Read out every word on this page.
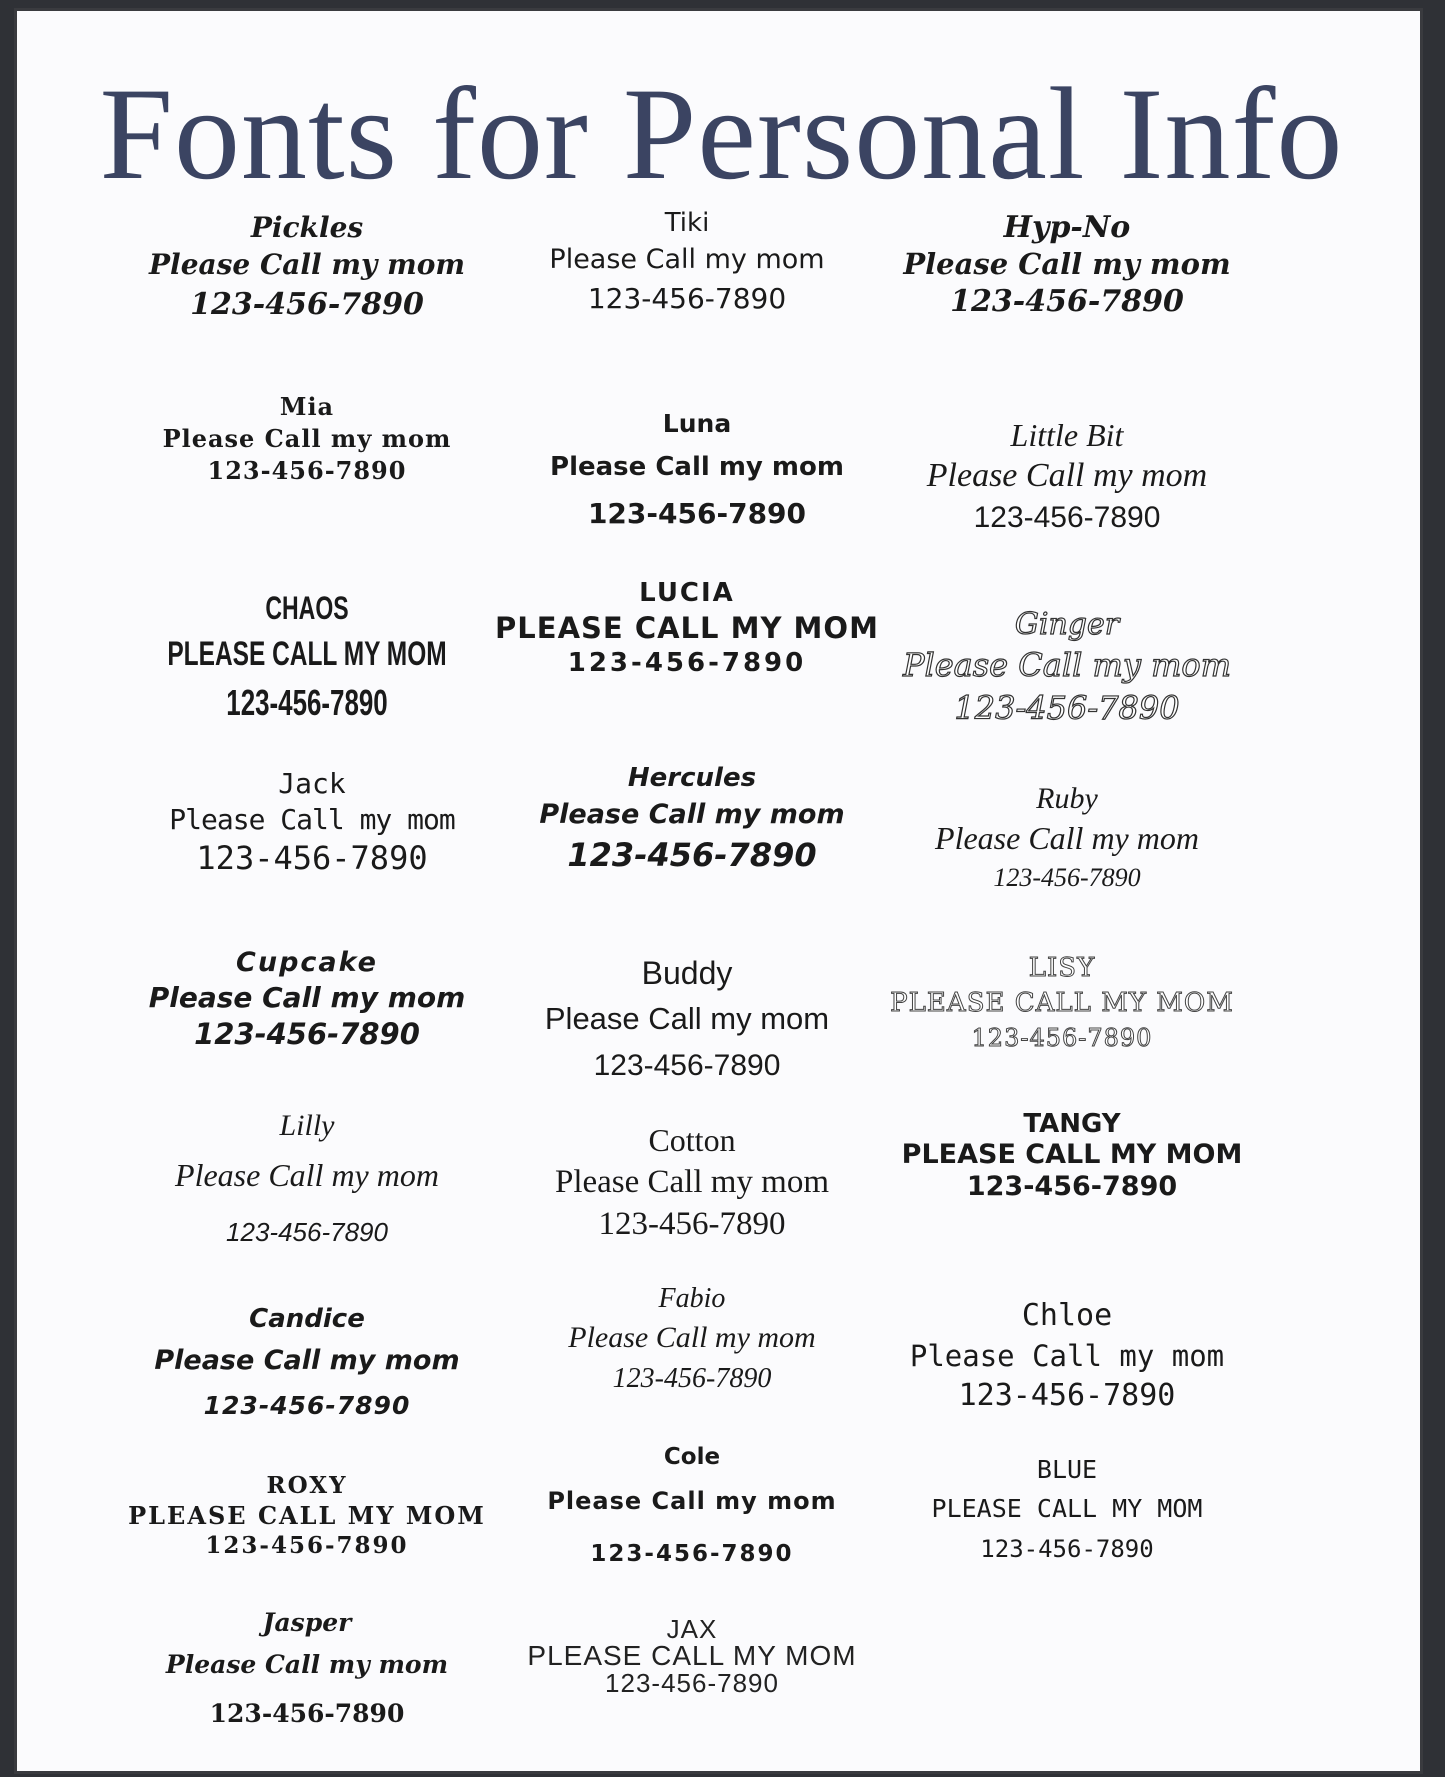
Fonts for Personal Info
Pickles
Please Call my mom
123-456-7890
Tiki
Please Call my mom
123-456-7890
Hyp-No
Please Call my mom
123-456-7890
Mia
Please Call my mom
123-456-7890
Luna
Please Call my mom
123-456-7890
Little Bit
Please Call my mom
123-456-7890
CHAOS
PLEASE CALL MY MOM
123-456-7890
LUCIA
PLEASE CALL MY MOM
123-456-7890
Ginger
Please Call my mom
123-456-7890
Jack
Please Call my mom
123-456-7890
Hercules
Please Call my mom
123-456-7890
Ruby
Please Call my mom
123-456-7890
Cupcake
Please Call my mom
123-456-7890
Buddy
Please Call my mom
123-456-7890
LISY
PLEASE CALL MY MOM
123-456-7890
Lilly
Please Call my mom
123-456-7890
Cotton
Please Call my mom
123-456-7890
TANGY
PLEASE CALL MY MOM
123-456-7890
Candice
Please Call my mom
123-456-7890
Fabio
Please Call my mom
123-456-7890
Chloe
Please Call my mom
123-456-7890
ROXY
PLEASE CALL MY MOM
123-456-7890
Cole
Please Call my mom
123-456-7890
BLUE
PLEASE CALL MY MOM
123-456-7890
Jasper
Please Call my mom
123-456-7890
JAX
PLEASE CALL MY MOM
123-456-7890
